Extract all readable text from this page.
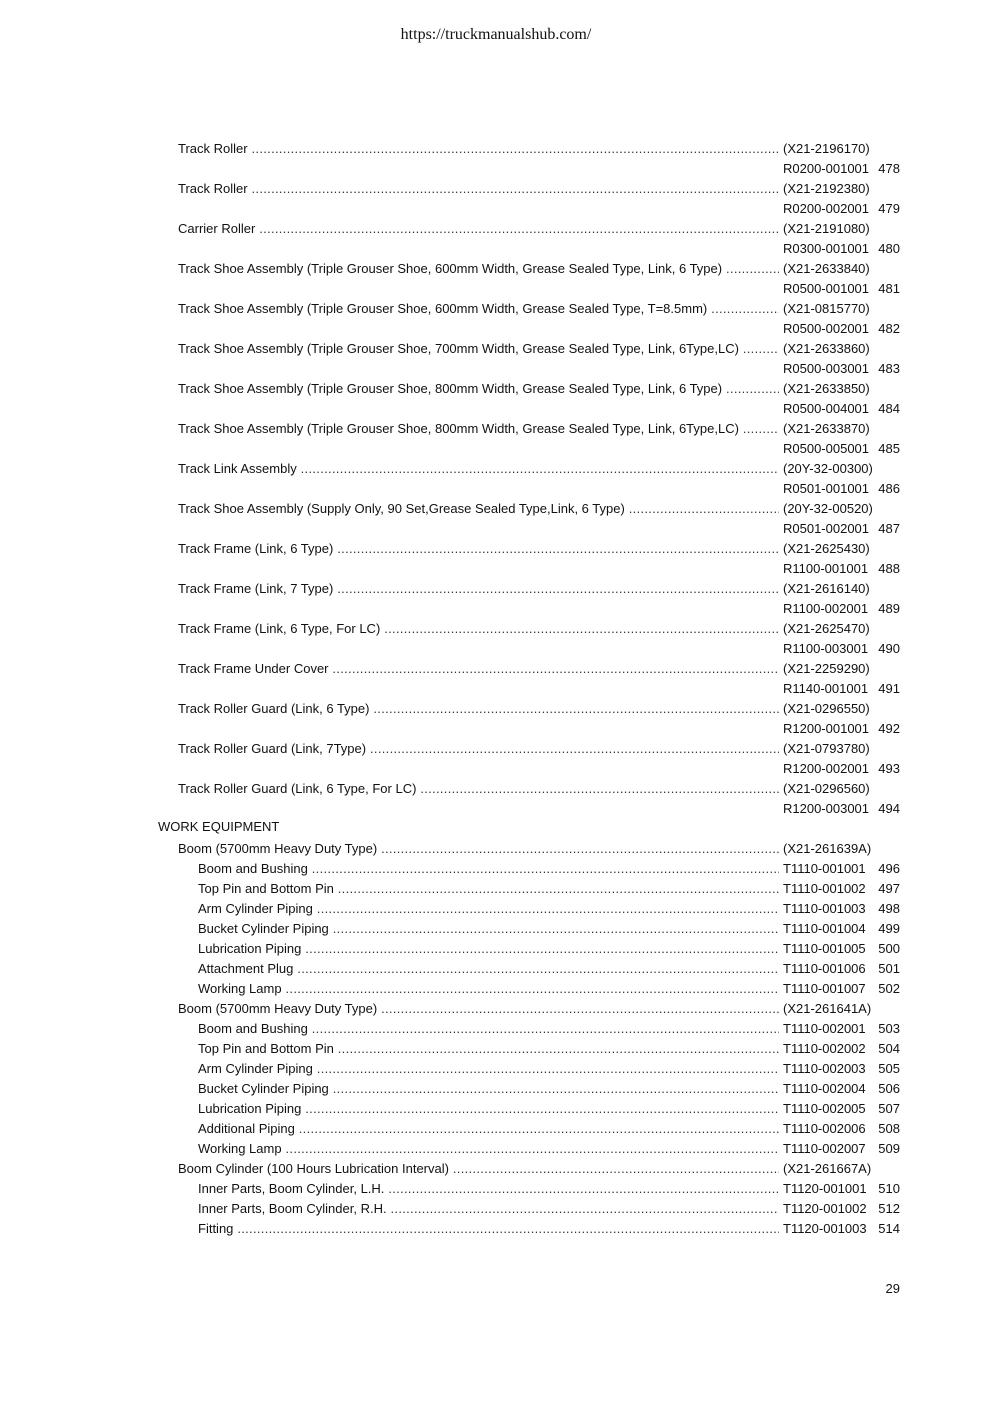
https://truckmanualshub.com/
Track Roller .....	(X21-2196170)
R0200-001001 478
Track Roller .....	(X21-2192380)
R0200-002001 479
Carrier Roller .....	(X21-2191080)
R0300-001001 480
Track Shoe Assembly (Triple Grouser Shoe, 600mm Width, Grease Sealed Type, Link, 6 Type) .....	(X21-2633840)
R0500-001001 481
Track Shoe Assembly (Triple Grouser Shoe, 600mm Width, Grease Sealed Type, T=8.5mm) .....	(X21-0815770)
R0500-002001 482
Track Shoe Assembly (Triple Grouser Shoe, 700mm Width, Grease Sealed Type, Link, 6Type,LC) .....	(X21-2633860)
R0500-003001 483
Track Shoe Assembly (Triple Grouser Shoe, 800mm Width, Grease Sealed Type, Link, 6 Type) .....	(X21-2633850)
R0500-004001 484
Track Shoe Assembly (Triple Grouser Shoe, 800mm Width, Grease Sealed Type, Link, 6Type,LC) .....	(X21-2633870)
R0500-005001 485
Track Link Assembly .....	(20Y-32-00300)
R0501-001001 486
Track Shoe Assembly (Supply Only, 90 Set,Grease Sealed Type,Link, 6 Type) .....	(20Y-32-00520)
R0501-002001 487
Track Frame (Link, 6 Type) .....	(X21-2625430)
R1100-001001 488
Track Frame (Link, 7 Type) .....	(X21-2616140)
R1100-002001 489
Track Frame (Link, 6 Type, For LC) .....	(X21-2625470)
R1100-003001 490
Track Frame Under Cover .....	(X21-2259290)
R1140-001001 491
Track Roller Guard (Link, 6 Type) .....	(X21-0296550)
R1200-001001 492
Track Roller Guard (Link, 7Type) .....	(X21-0793780)
R1200-002001 493
Track Roller Guard (Link, 6 Type, For LC) .....	(X21-0296560)
R1200-003001 494
WORK EQUIPMENT
Boom (5700mm Heavy Duty Type) .....	(X21-261639A)
Boom and Bushing .....	T1110-001001 496
Top Pin and Bottom Pin .....	T1110-001002 497
Arm Cylinder Piping .....	T1110-001003 498
Bucket Cylinder Piping .....	T1110-001004 499
Lubrication Piping .....	T1110-001005 500
Attachment Plug .....	T1110-001006 501
Working Lamp .....	T1110-001007 502
Boom (5700mm Heavy Duty Type) .....	(X21-261641A)
Boom and Bushing .....	T1110-002001 503
Top Pin and Bottom Pin .....	T1110-002002 504
Arm Cylinder Piping .....	T1110-002003 505
Bucket Cylinder Piping .....	T1110-002004 506
Lubrication Piping .....	T1110-002005 507
Additional Piping .....	T1110-002006 508
Working Lamp .....	T1110-002007 509
Boom Cylinder (100 Hours Lubrication Interval) .....	(X21-261667A)
Inner Parts, Boom Cylinder, L.H. .....	T1120-001001 510
Inner Parts, Boom Cylinder, R.H. .....	T1120-001002 512
Fitting .....	T1120-001003 514
29
